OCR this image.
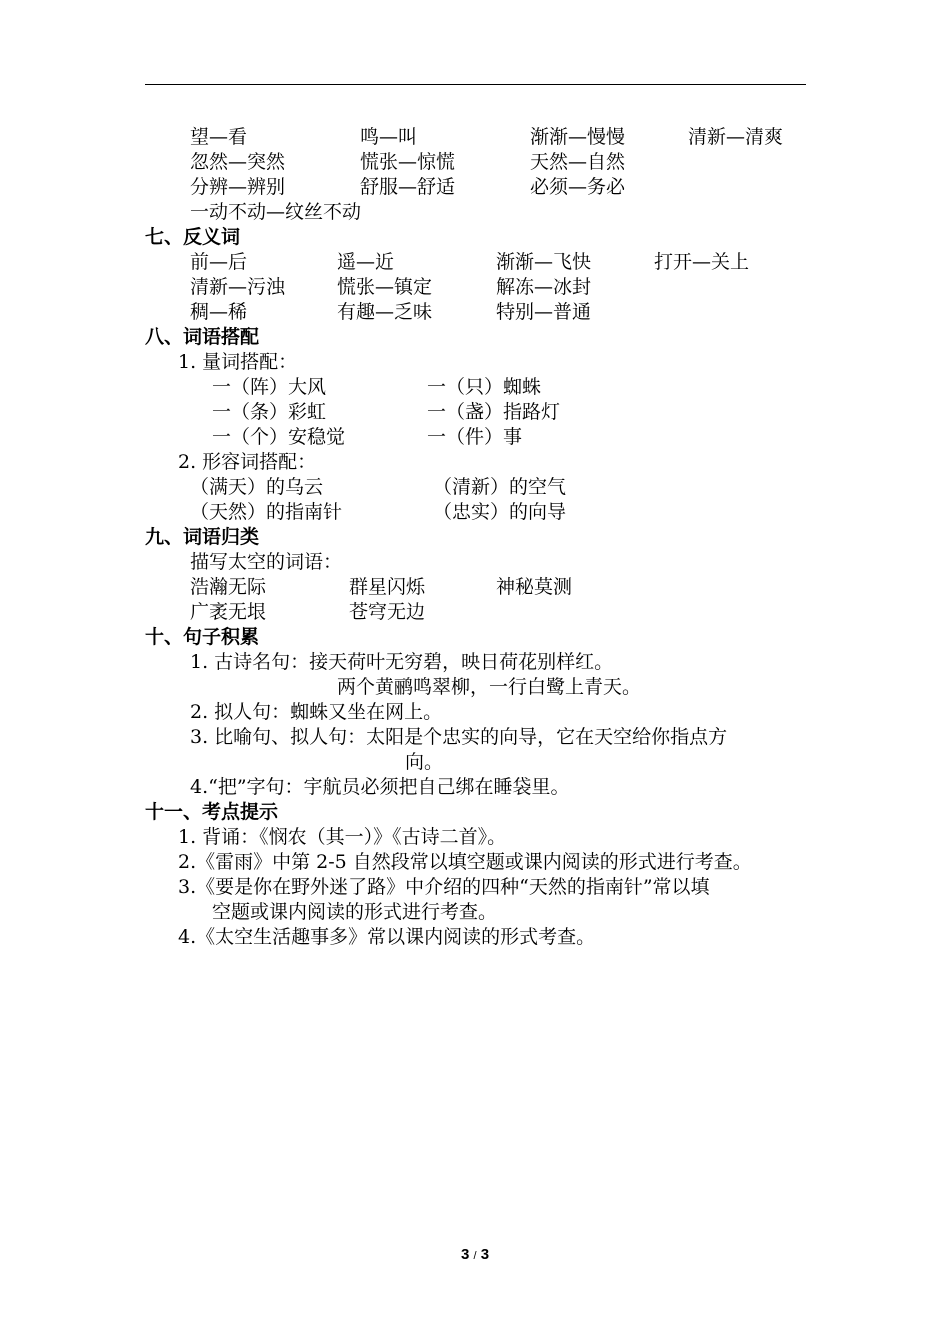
望—看	鸣—叫	渐渐—慢慢	清新—清爽
忽然—突然	慌张—惊慌	天然—自然
分辨—辨别	舒服—舒适	必须—务必
一动不动—纹丝不动
七、反义词
前—后	遥—近	渐渐—飞快	打开—关上
清新—污浊	慌张—镇定	解冻—冰封
稠—稀	有趣—乏味	特别—普通
八、词语搭配
1. 量词搭配：
一（阵）大风	一（只）蜘蛛
一（条）彩虹	一（盏）指路灯
一（个）安稳觉	一（件）事
2. 形容词搭配：
（满天）的乌云	（清新）的空气
（天然）的指南针	（忠实）的向导
九、词语归类
描写太空的词语：
浩瀚无际	群星闪烁	神秘莫测
广袤无垠	苍穹无边
十、句子积累
1. 古诗名句：接天荷叶无穷碧，映日荷花别样红。
两个黄鹂鸣翠柳，一行白鹭上青天。
2. 拟人句：蜘蛛又坐在网上。
3. 比喻句、拟人句：太阳是个忠实的向导，它在天空给你指点方
向。
4.“把”字句：宇航员必须把自己绑在睡袋里。
十一、考点提示
1. 背诵：《悯农（其一）》《古诗二首》。
2.《雷雨》中第 2-5 自然段常以填空题或课内阅读的形式进行考查。
3.《要是你在野外迷了路》中介绍的四种“天然的指南针”常以填
空题或课内阅读的形式进行考查。
4.《太空生活趣事多》常以课内阅读的形式考查。
3 / 3
